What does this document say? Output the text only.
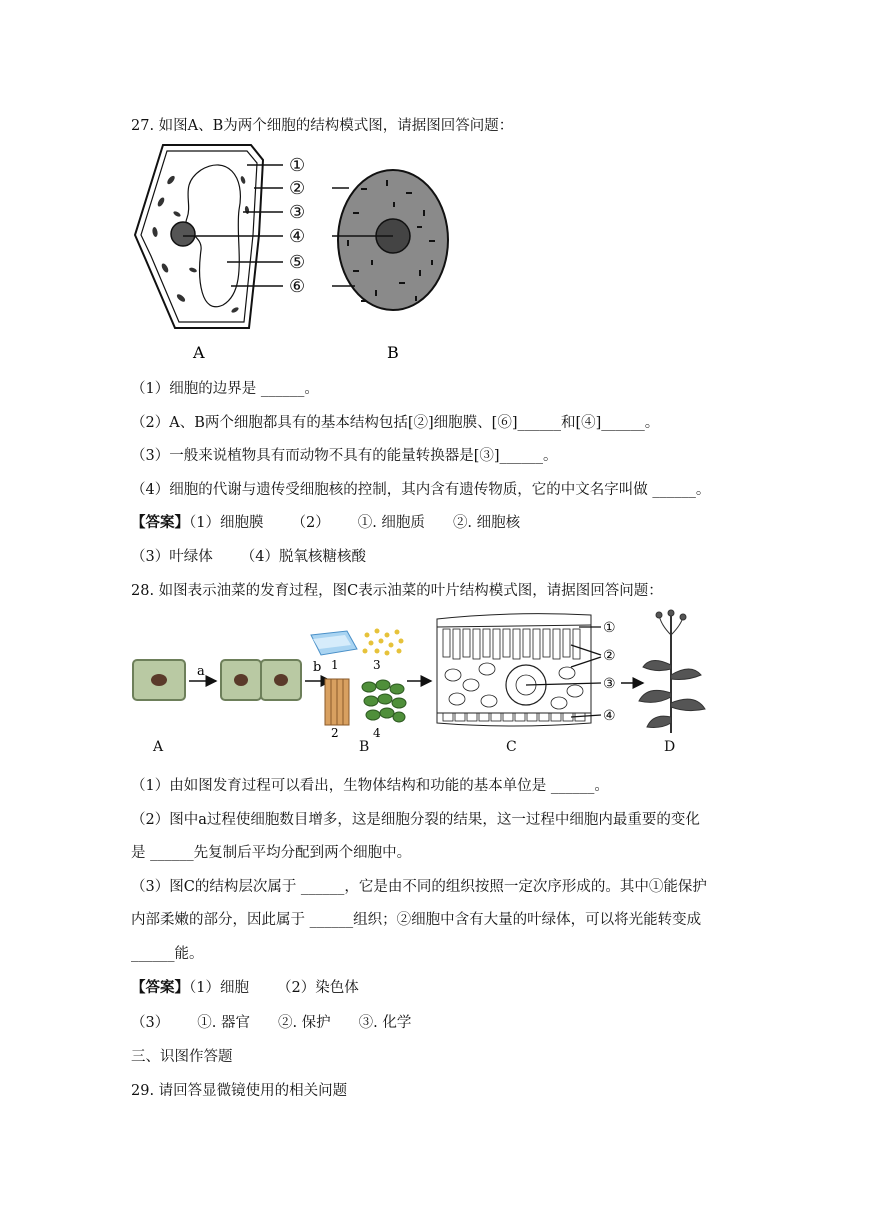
27. 如图A、B为两个细胞的结构模式图，请据图回答问题：
①
②
③
④
⑤
⑥
A	B
（1）细胞的边界是 ______。
（2）A、B两个细胞都具有的基本结构包括[②]细胞膜、[⑥]______和[④]______。
（3）一般来说植物具有而动物不具有的能量转换器是[③]______。
（4）细胞的代谢与遗传受细胞核的控制，其内含有遗传物质，它的中文名字叫做 ______。
【答案】（1）细胞膜 （2） ①. 细胞质 ②. 细胞核
（3）叶绿体 （4）脱氧核糖核酸
28. 如图表示油菜的发育过程，图C表示油菜的叶片结构模式图，请据图回答问题：
a	b 1
2
3
4
①
②
③
④
A	B	C	D
（1）由如图发育过程可以看出，生物体结构和功能的基本单位是 ______。
（2）图中a过程使细胞数目增多，这是细胞分裂的结果，这一过程中细胞内最重要的变化
是 ______先复制后平均分配到两个细胞中。
（3）图C的结构层次属于 ______，它是由不同的组织按照一定次序形成的。其中①能保护
内部柔嫩的部分，因此属于 ______组织；②细胞中含有大量的叶绿体，可以将光能转变成
______能。
【答案】（1）细胞 （2）染色体
（3） ①. 器官 ②. 保护 ③. 化学
三、识图作答题
29. 请回答显微镜使用的相关问题
